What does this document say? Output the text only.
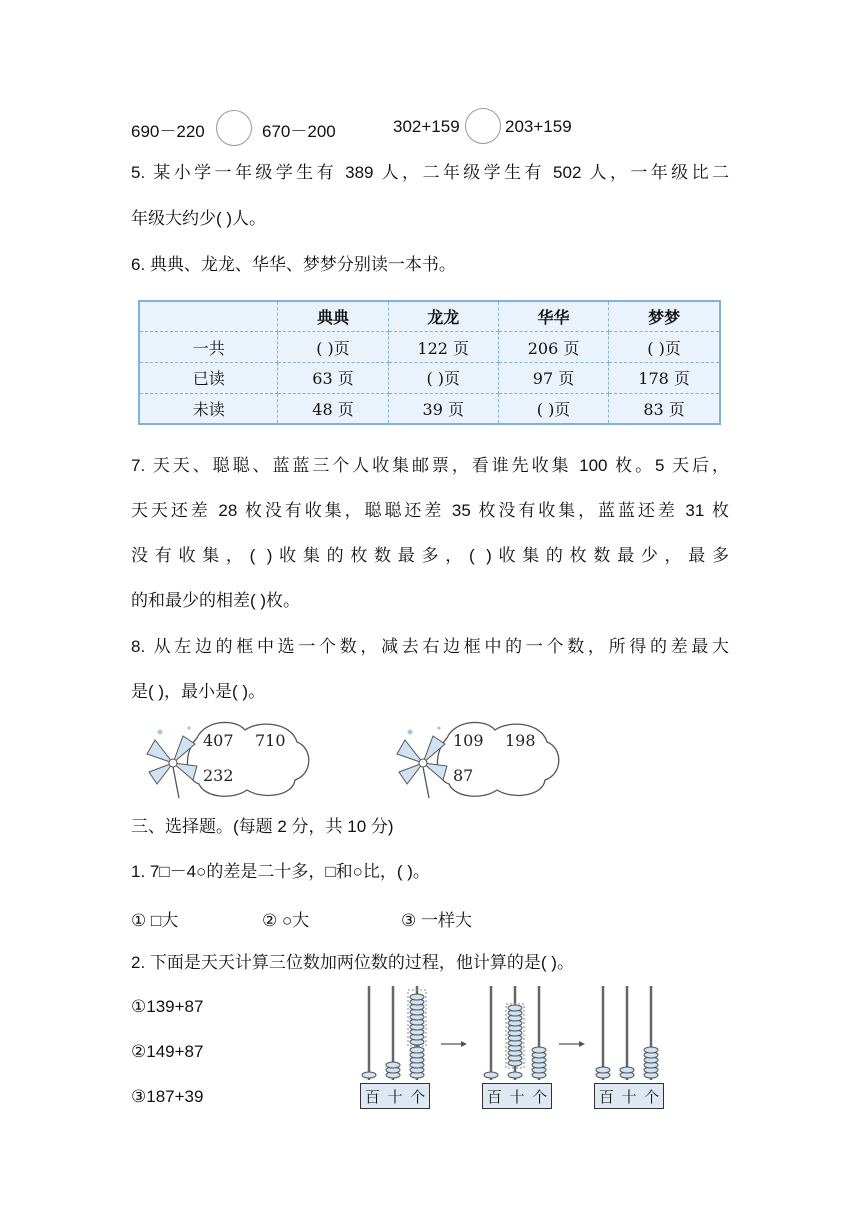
690－220	670－200	302+159	203+159
5. 某小学一年级学生有 389 人，二年级学生有 502 人，一年级比二
年级大约少( )人。
6. 典典、龙龙、华华、梦梦分别读一本书。
	典典	龙龙	华华	梦梦
一共	( )页	122 页	206 页	( )页
已读	63 页	( )页	97 页	178 页
未读	48 页	39 页	( )页	83 页
7. 天天、聪聪、蓝蓝三个人收集邮票，看谁先收集 100 枚。5 天后，
天天还差 28 枚没有收集，聪聪还差 35 枚没有收集，蓝蓝还差 31 枚
没有收集，( )收集的枚数最多，( )收集的枚数最少，最多
的和最少的相差( )枚。
8. 从左边的框中选一个数，减去右边框中的一个数，所得的差最大
是( )，最小是( )。
407 710
232
109 198
87
三、选择题。(每题 2 分，共 10 分)
1. 7□－4○的差是二十多，□和○比，( )。
① □大	② ○大	③ 一样大
2. 下面是天天计算三位数加两位数的过程，他计算的是( )。
①139+87
②149+87
③187+39	百 十 个	百 十 个	百 十 个
